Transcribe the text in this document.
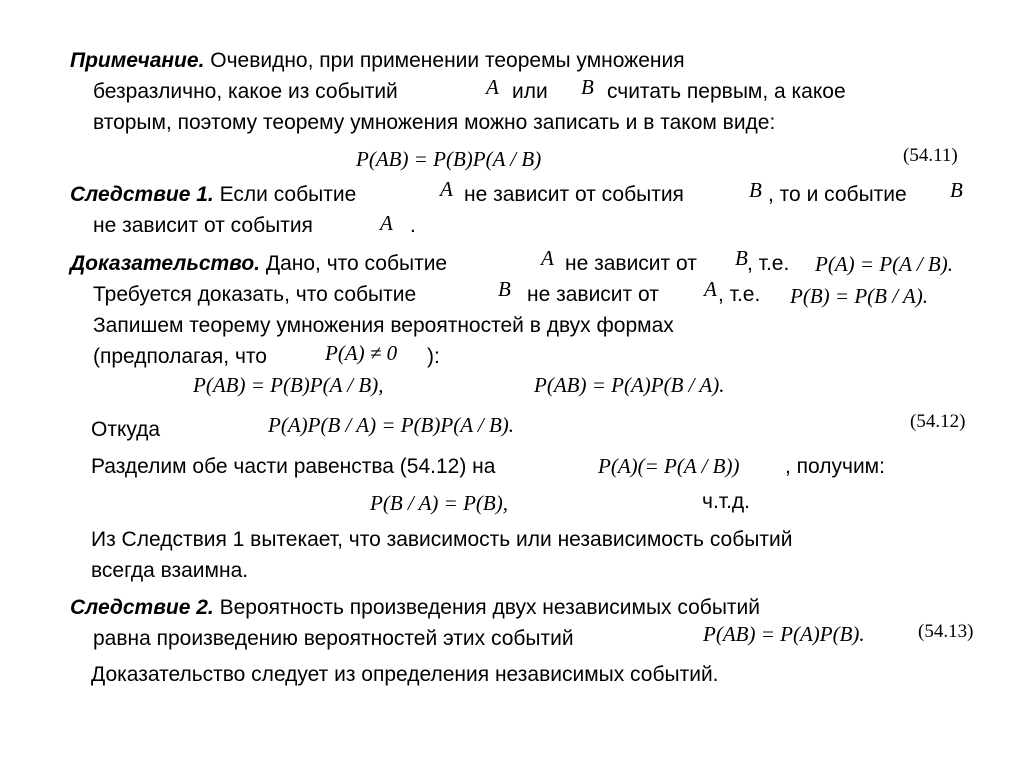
Примечание. Очевидно, при применении теоремы умножения
безразлично, какое из событий	A или B считать первым, а какое
вторым, поэтому теорему умножения можно записать и в таком виде:
P(AB) = P(B)P(A / B)	(54.11)
Следствие 1. Если событие	A не зависит от события	B , то и событие B
не зависит от события	A .
Доказательство. Дано, что событие	A не зависит от B , т.е. P(A) = P(A / B).
Требуется доказать, что событие	B не зависит от A , т.е. P(B) = P(B / A).
Запишем теорему умножения вероятностей в двух формах
(предполагая, что	P(A) ≠ 0 ):
P(AB) = P(B)P(A / B),	P(AB) = P(A)P(B / A).
Откуда	P(A)P(B / A) = P(B)P(A / B).	(54.12)
Разделим обе части равенства (54.12) на	P(A)(= P(A / B)) , получим:
P(B / A) = P(B),	ч.т.д.
Из Следствия 1 вытекает, что зависимость или независимость событий
всегда взаимна.
Следствие 2. Вероятность произведения двух независимых событий
равна произведению вероятностей этих событий	P(AB) = P(A)P(B).	(54.13)
Доказательство следует из определения независимых событий.
